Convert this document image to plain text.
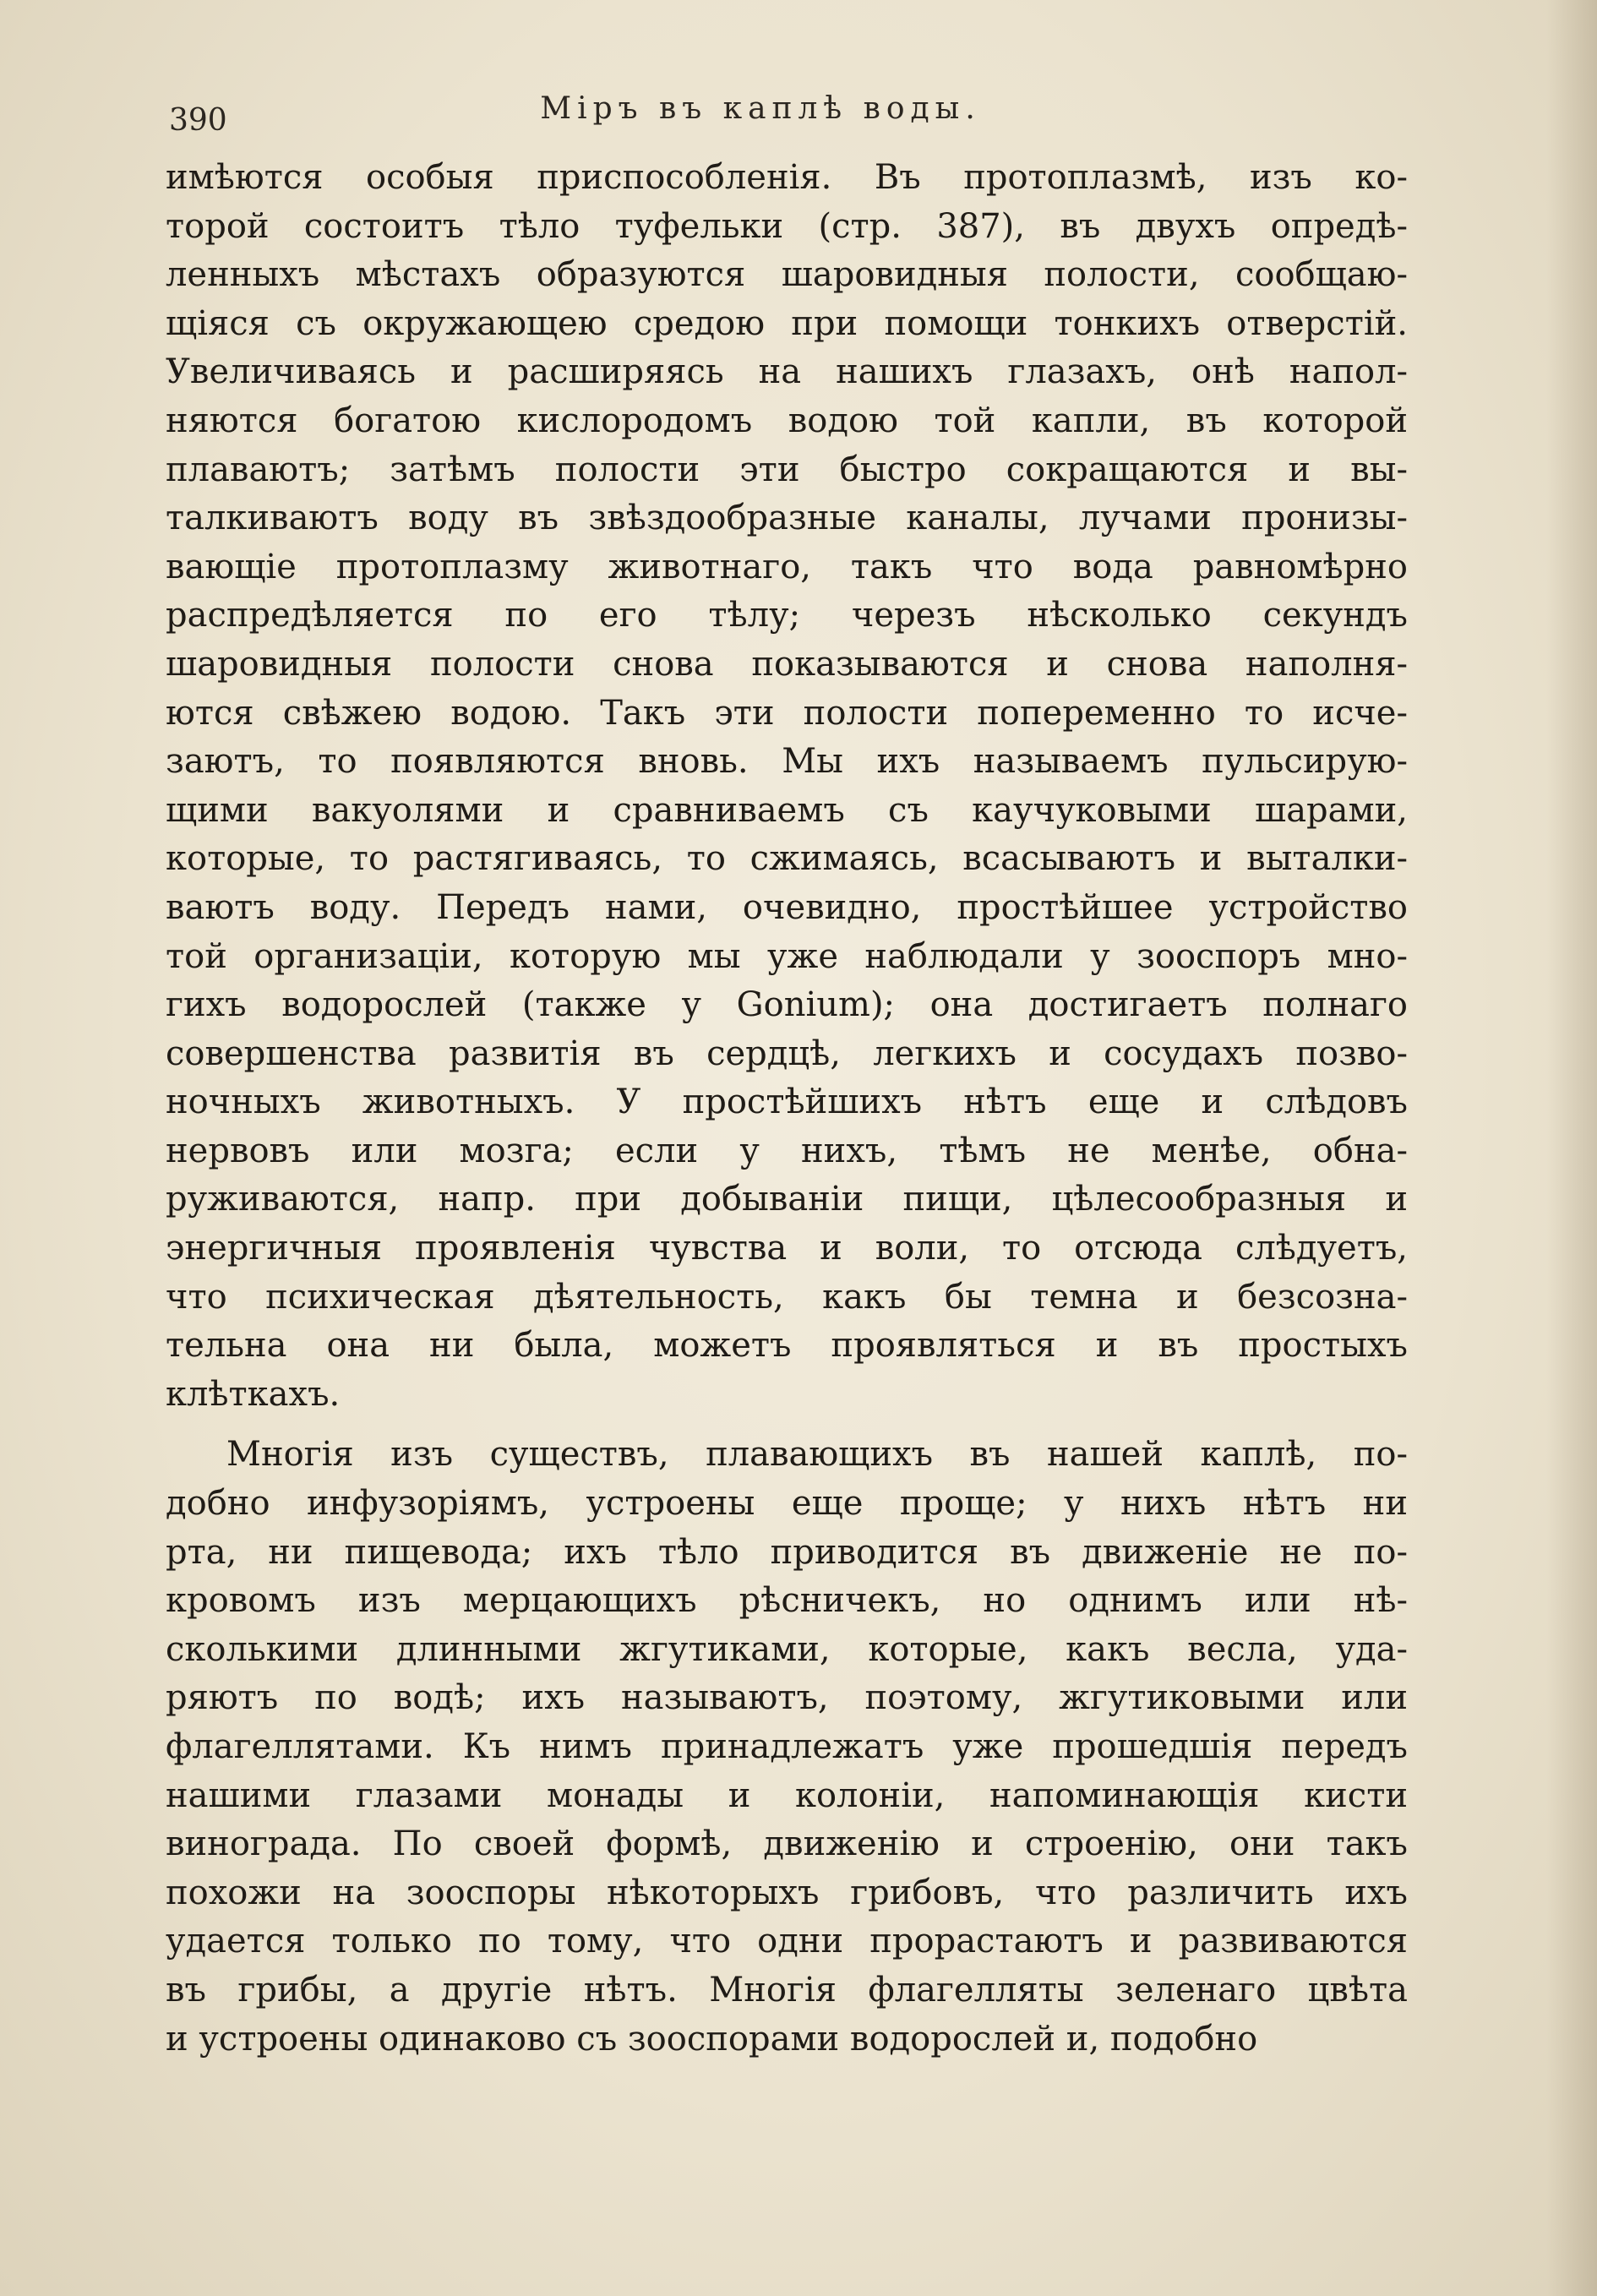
390	Міръ въ каплѣ воды.
имѣются особыя приспособленія. Въ протоплазмѣ, изъ ко-
торой состоитъ тѣло туфельки (стр. 387), въ двухъ опредѣ-
ленныхъ мѣстахъ образуются шаровидныя полости, сообщаю-
щіяся съ окружающею средою при помощи тонкихъ отверстій.
Увеличиваясь и расширяясь на нашихъ глазахъ, онѣ напол-
няются богатою кислородомъ водою той капли, въ которой
плаваютъ; затѣмъ полости эти быстро сокращаются и вы-
талкиваютъ воду въ звѣздообразные каналы, лучами пронизы-
вающіе протоплазму животнаго, такъ что вода равномѣрно
распредѣляется по его тѣлу; черезъ нѣсколько секундъ
шаровидныя полости снова показываются и снова наполня-
ются свѣжею водою. Такъ эти полости попеременно то исче-
заютъ, то появляются вновь. Мы ихъ называемъ пульсирую-
щими вакуолями и сравниваемъ съ каучуковыми шарами,
которые, то растягиваясь, то сжимаясь, всасываютъ и выталки-
ваютъ воду. Передъ нами, очевидно, простѣйшее устройство
той организаціи, которую мы уже наблюдали у зооспоръ мно-
гихъ водорослей (также у Gonium); она достигаетъ полнаго
совершенства развитія въ сердцѣ, легкихъ и сосудахъ позво-
ночныхъ животныхъ. У простѣйшихъ нѣтъ еще и слѣдовъ
нервовъ или мозга; если у нихъ, тѣмъ не менѣе, обна-
руживаются, напр. при добываніи пищи, цѣлесообразныя и
энергичныя проявленія чувства и воли, то отсюда слѣдуетъ,
что психическая дѣятельность, какъ бы темна и безсозна-
тельна она ни была, можетъ проявляться и въ простыхъ
клѣткахъ.
Многія изъ существъ, плавающихъ въ нашей каплѣ, по-
добно инфузоріямъ, устроены еще проще; у нихъ нѣтъ ни
рта, ни пищевода; ихъ тѣло приводится въ движеніе не по-
кровомъ изъ мерцающихъ рѣсничекъ, но однимъ или нѣ-
сколькими длинными жгутиками, которые, какъ весла, уда-
ряютъ по водѣ; ихъ называютъ, поэтому, жгутиковыми или
флагеллятами. Къ нимъ принадлежатъ уже прошедшія передъ
нашими глазами монады и колоніи, напоминающія кисти
винограда. По своей формѣ, движенію и строенію, они такъ
похожи на зооспоры нѣкоторыхъ грибовъ, что различить ихъ
удается только по тому, что одни прорастаютъ и развиваются
въ грибы, а другіе нѣтъ. Многія флагелляты зеленаго цвѣта
и устроены одинаково съ зооспорами водорослей и, подобно
